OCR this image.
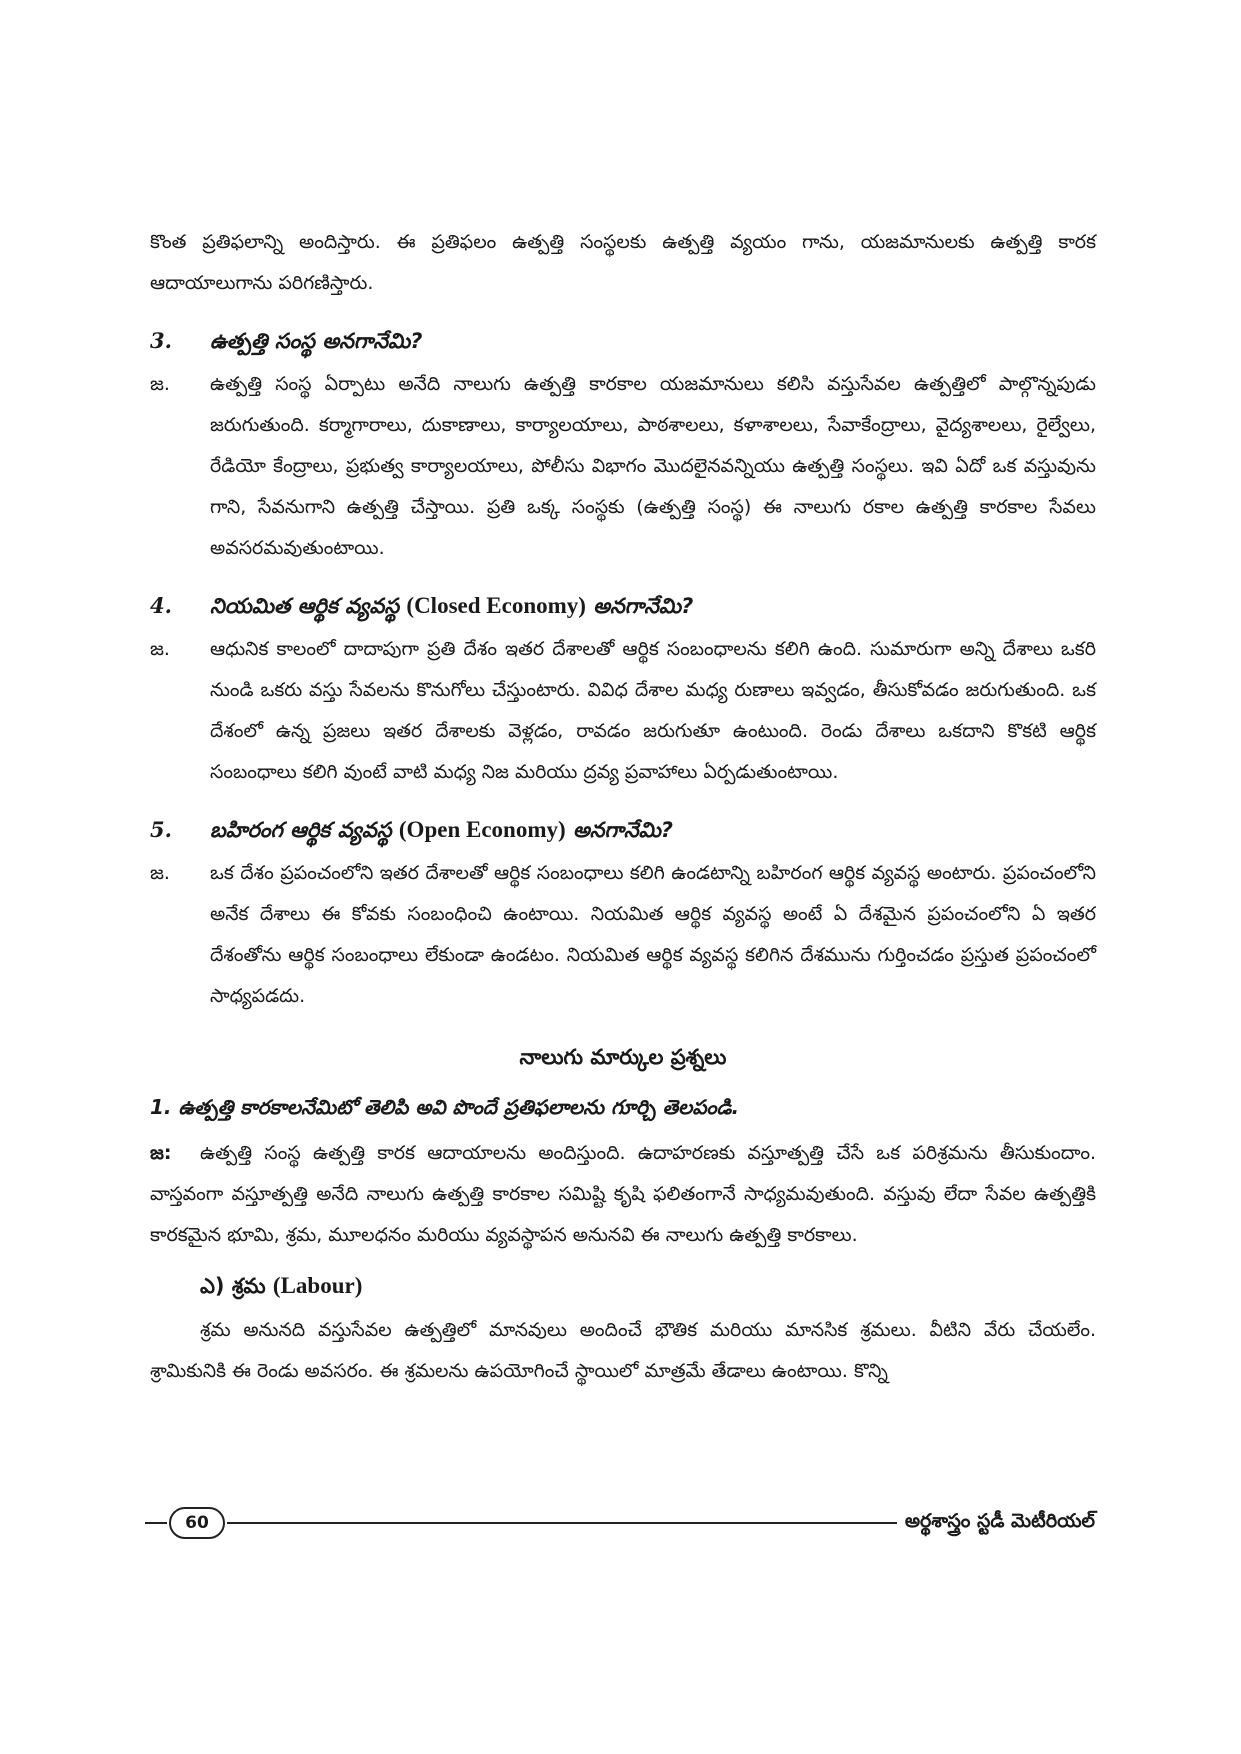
కొంత ప్రతిఫలాన్ని అందిస్తారు. ఈ ప్రతిఫలం ఉత్పత్తి సంస్థలకు ఉత్పత్తి వ్యయం గాను, యజమానులకు ఉత్పత్తి కారక ఆదాయాలుగాను పరిగణిస్తారు.

3.	ఉత్పత్తి సంస్థ అనగానేమి?
జ.	ఉత్పత్తి సంస్థ ఏర్పాటు అనేది నాలుగు ఉత్పత్తి కారకాల యజమానులు కలిసి వస్తుసేవల ఉత్పత్తిలో పాల్గొన్నపుడు జరుగుతుంది. కర్మాగారాలు, దుకాణాలు, కార్యాలయాలు, పాఠశాలలు, కళాశాలలు, సేవాకేంద్రాలు, వైద్యశాలలు, రైల్వేలు, రేడియో కేంద్రాలు, ప్రభుత్వ కార్యాలయాలు, పోలీసు విభాగం మొదలైనవన్నియు ఉత్పత్తి సంస్థలు. ఇవి ఏదో ఒక వస్తువును గాని, సేవనుగాని ఉత్పత్తి చేస్తాయి. ప్రతి ఒక్క సంస్థకు (ఉత్పత్తి సంస్థ) ఈ నాలుగు రకాల ఉత్పత్తి కారకాల సేవలు అవసరమవుతుంటాయి.

4.	నియమిత ఆర్థిక వ్యవస్థ (Closed Economy) అనగానేమి?
జ.	ఆధునిక కాలంలో దాదాపుగా ప్రతి దేశం ఇతర దేశాలతో ఆర్థిక సంబంధాలను కలిగి ఉంది. సుమారుగా అన్ని దేశాలు ఒకరి నుండి ఒకరు వస్తు సేవలను కొనుగోలు చేస్తుంటారు. వివిధ దేశాల మధ్య రుణాలు ఇవ్వడం, తీసుకోవడం జరుగుతుంది. ఒక దేశంలో ఉన్న ప్రజలు ఇతర దేశాలకు వెళ్లడం, రావడం జరుగుతూ ఉంటుంది. రెండు దేశాలు ఒకదాని కొకటి ఆర్థిక సంబంధాలు కలిగి వుంటే వాటి మధ్య నిజ మరియు ద్రవ్య ప్రవాహాలు ఏర్పడుతుంటాయి.

5.	బహిరంగ ఆర్థిక వ్యవస్థ (Open Economy) అనగానేమి?
జ.	ఒక దేశం ప్రపంచంలోని ఇతర దేశాలతో ఆర్థిక సంబంధాలు కలిగి ఉండటాన్ని బహిరంగ ఆర్థిక వ్యవస్థ అంటారు. ప్రపంచంలోని అనేక దేశాలు ఈ కోవకు సంబంధించి ఉంటాయి. నియమిత ఆర్థిక వ్యవస్థ అంటే ఏ దేశమైన ప్రపంచంలోని ఏ ఇతర దేశంతోను ఆర్థిక సంబంధాలు లేకుండా ఉండటం. నియమిత ఆర్థిక వ్యవస్థ కలిగిన దేశమును గుర్తించడం ప్రస్తుత ప్రపంచంలో సాధ్యపడదు.

నాలుగు మార్కుల ప్రశ్నలు
1. ఉత్పత్తి కారకాలనేమిటో తెలిపి అవి పొందే ప్రతిఫలాలను గూర్చి తెలపండి.

జ: ఉత్పత్తి సంస్థ ఉత్పత్తి కారక ఆదాయాలను అందిస్తుంది. ఉదాహరణకు వస్తూత్పత్తి చేసే ఒక పరిశ్రమను తీసుకుందాం. వాస్తవంగా వస్తూత్పత్తి అనేది నాలుగు ఉత్పత్తి కారకాల సమిష్టి కృషి ఫలితంగానే సాధ్యమవుతుంది. వస్తువు లేదా సేవల ఉత్పత్తికి కారకమైన భూమి, శ్రమ, మూలధనం మరియు వ్యవస్థాపన అనునవి ఈ నాలుగు ఉత్పత్తి కారకాలు.

ఎ) శ్రమ (Labour)

శ్రమ అనునది వస్తుసేవల ఉత్పత్తిలో మానవులు అందించే భౌతిక మరియు మానసిక శ్రమలు. వీటిని వేరు చేయలేం. శ్రామికునికి ఈ రెండు అవసరం. ఈ శ్రమలను ఉపయోగించే స్థాయిలో మాత్రమే తేడాలు ఉంటాయి. కొన్ని

60	అర్థశాస్త్రం స్టడీ మెటీరియల్
